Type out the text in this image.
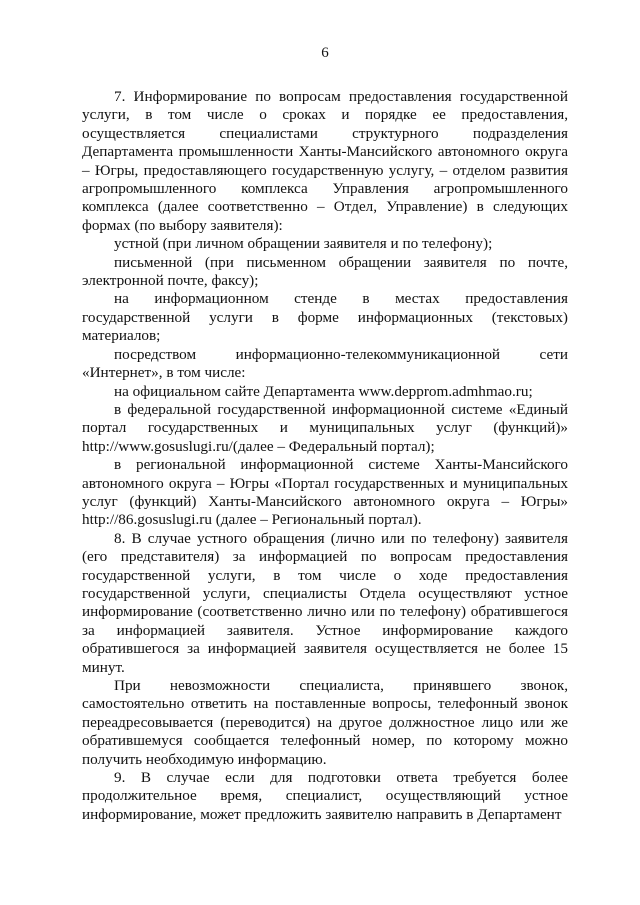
6

7. Информирование по вопросам предоставления государственной услуги, в том числе о сроках и порядке ее предоставления, осуществляется специалистами структурного подразделения Департамента промышленности Ханты-Мансийского автономного округа – Югры, предоставляющего государственную услугу, – отделом развития агропромышленного комплекса Управления агропромышленного комплекса (далее соответственно – Отдел, Управление) в следующих формах (по выбору заявителя):

устной (при личном обращении заявителя и по телефону);

письменной (при письменном обращении заявителя по почте, электронной почте, факсу);

на информационном стенде в местах предоставления государственной услуги в форме информационных (текстовых) материалов;

посредством информационно-телекоммуникационной сети «Интернет», в том числе:

на официальном сайте Департамента www.depprom.admhmao.ru;

в федеральной государственной информационной системе «Единый портал государственных и муниципальных услуг (функций)» http://www.gosuslugi.ru/(далее – Федеральный портал);

в региональной информационной системе Ханты-Мансийского автономного округа – Югры «Портал государственных и муниципальных услуг (функций) Ханты-Мансийского автономного округа – Югры» http://86.gosuslugi.ru (далее – Региональный портал).

8. В случае устного обращения (лично или по телефону) заявителя (его представителя) за информацией по вопросам предоставления государственной услуги, в том числе о ходе предоставления государственной услуги, специалисты Отдела осуществляют устное информирование (соответственно лично или по телефону) обратившегося за информацией заявителя. Устное информирование каждого обратившегося за информацией заявителя осуществляется не более 15 минут.

При невозможности специалиста, принявшего звонок, самостоятельно ответить на поставленные вопросы, телефонный звонок переадресовывается (переводится) на другое должностное лицо или же обратившемуся сообщается телефонный номер, по которому можно получить необходимую информацию.

9. В случае если для подготовки ответа требуется более продолжительное время, специалист, осуществляющий устное информирование, может предложить заявителю направить в Департамент
